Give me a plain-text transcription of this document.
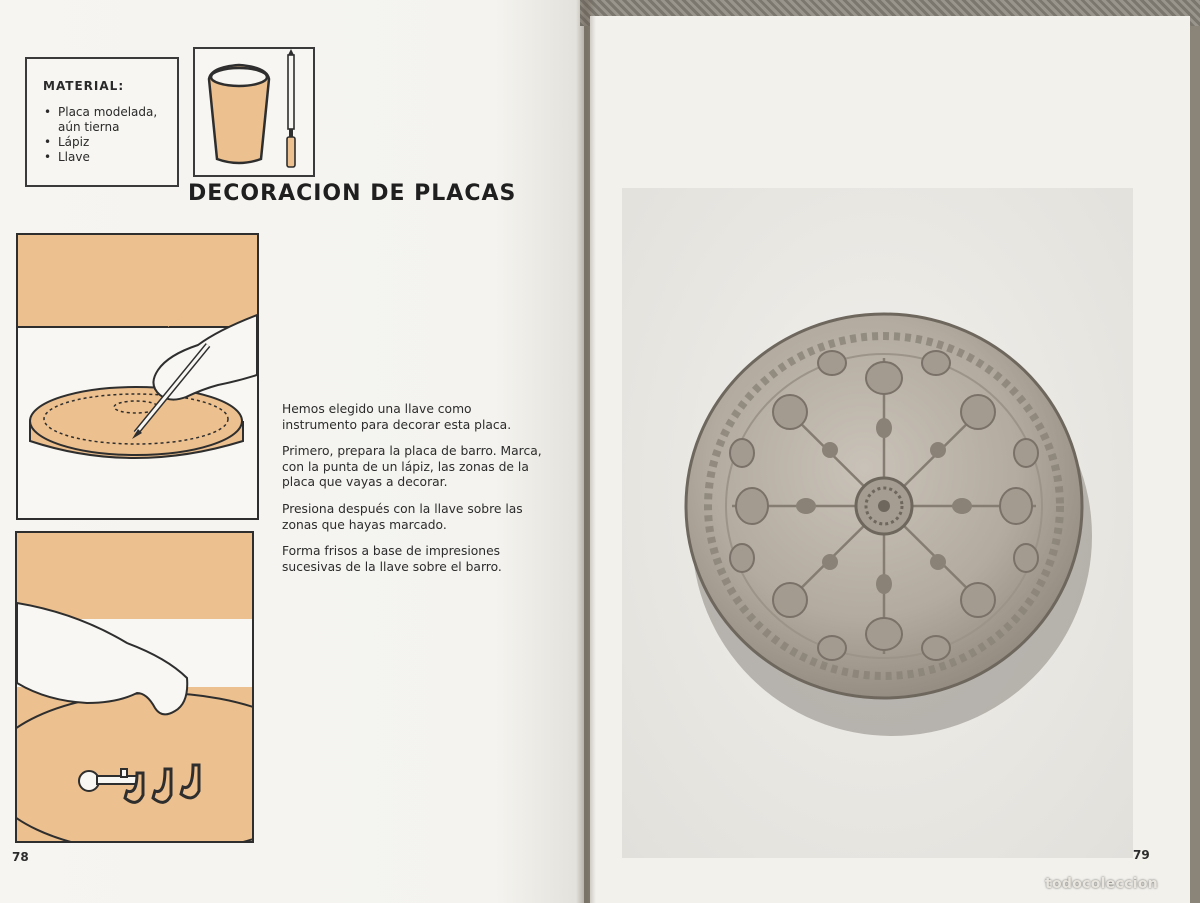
MATERIAL:
• Placa modelada, aún tierna
• Lápiz
• Llave
DECORACION DE PLACAS

Hemos elegido una llave como instrumento para decorar esta placa.

Primero, prepara la placa de barro. Marca, con la punta de un lápiz, las zonas de la placa que vayas a decorar.

Presiona después con la llave sobre las zonas que hayas marcado.

Forma frisos a base de impresiones sucesivas de la llave sobre el barro.

78	79
todocoleccion
